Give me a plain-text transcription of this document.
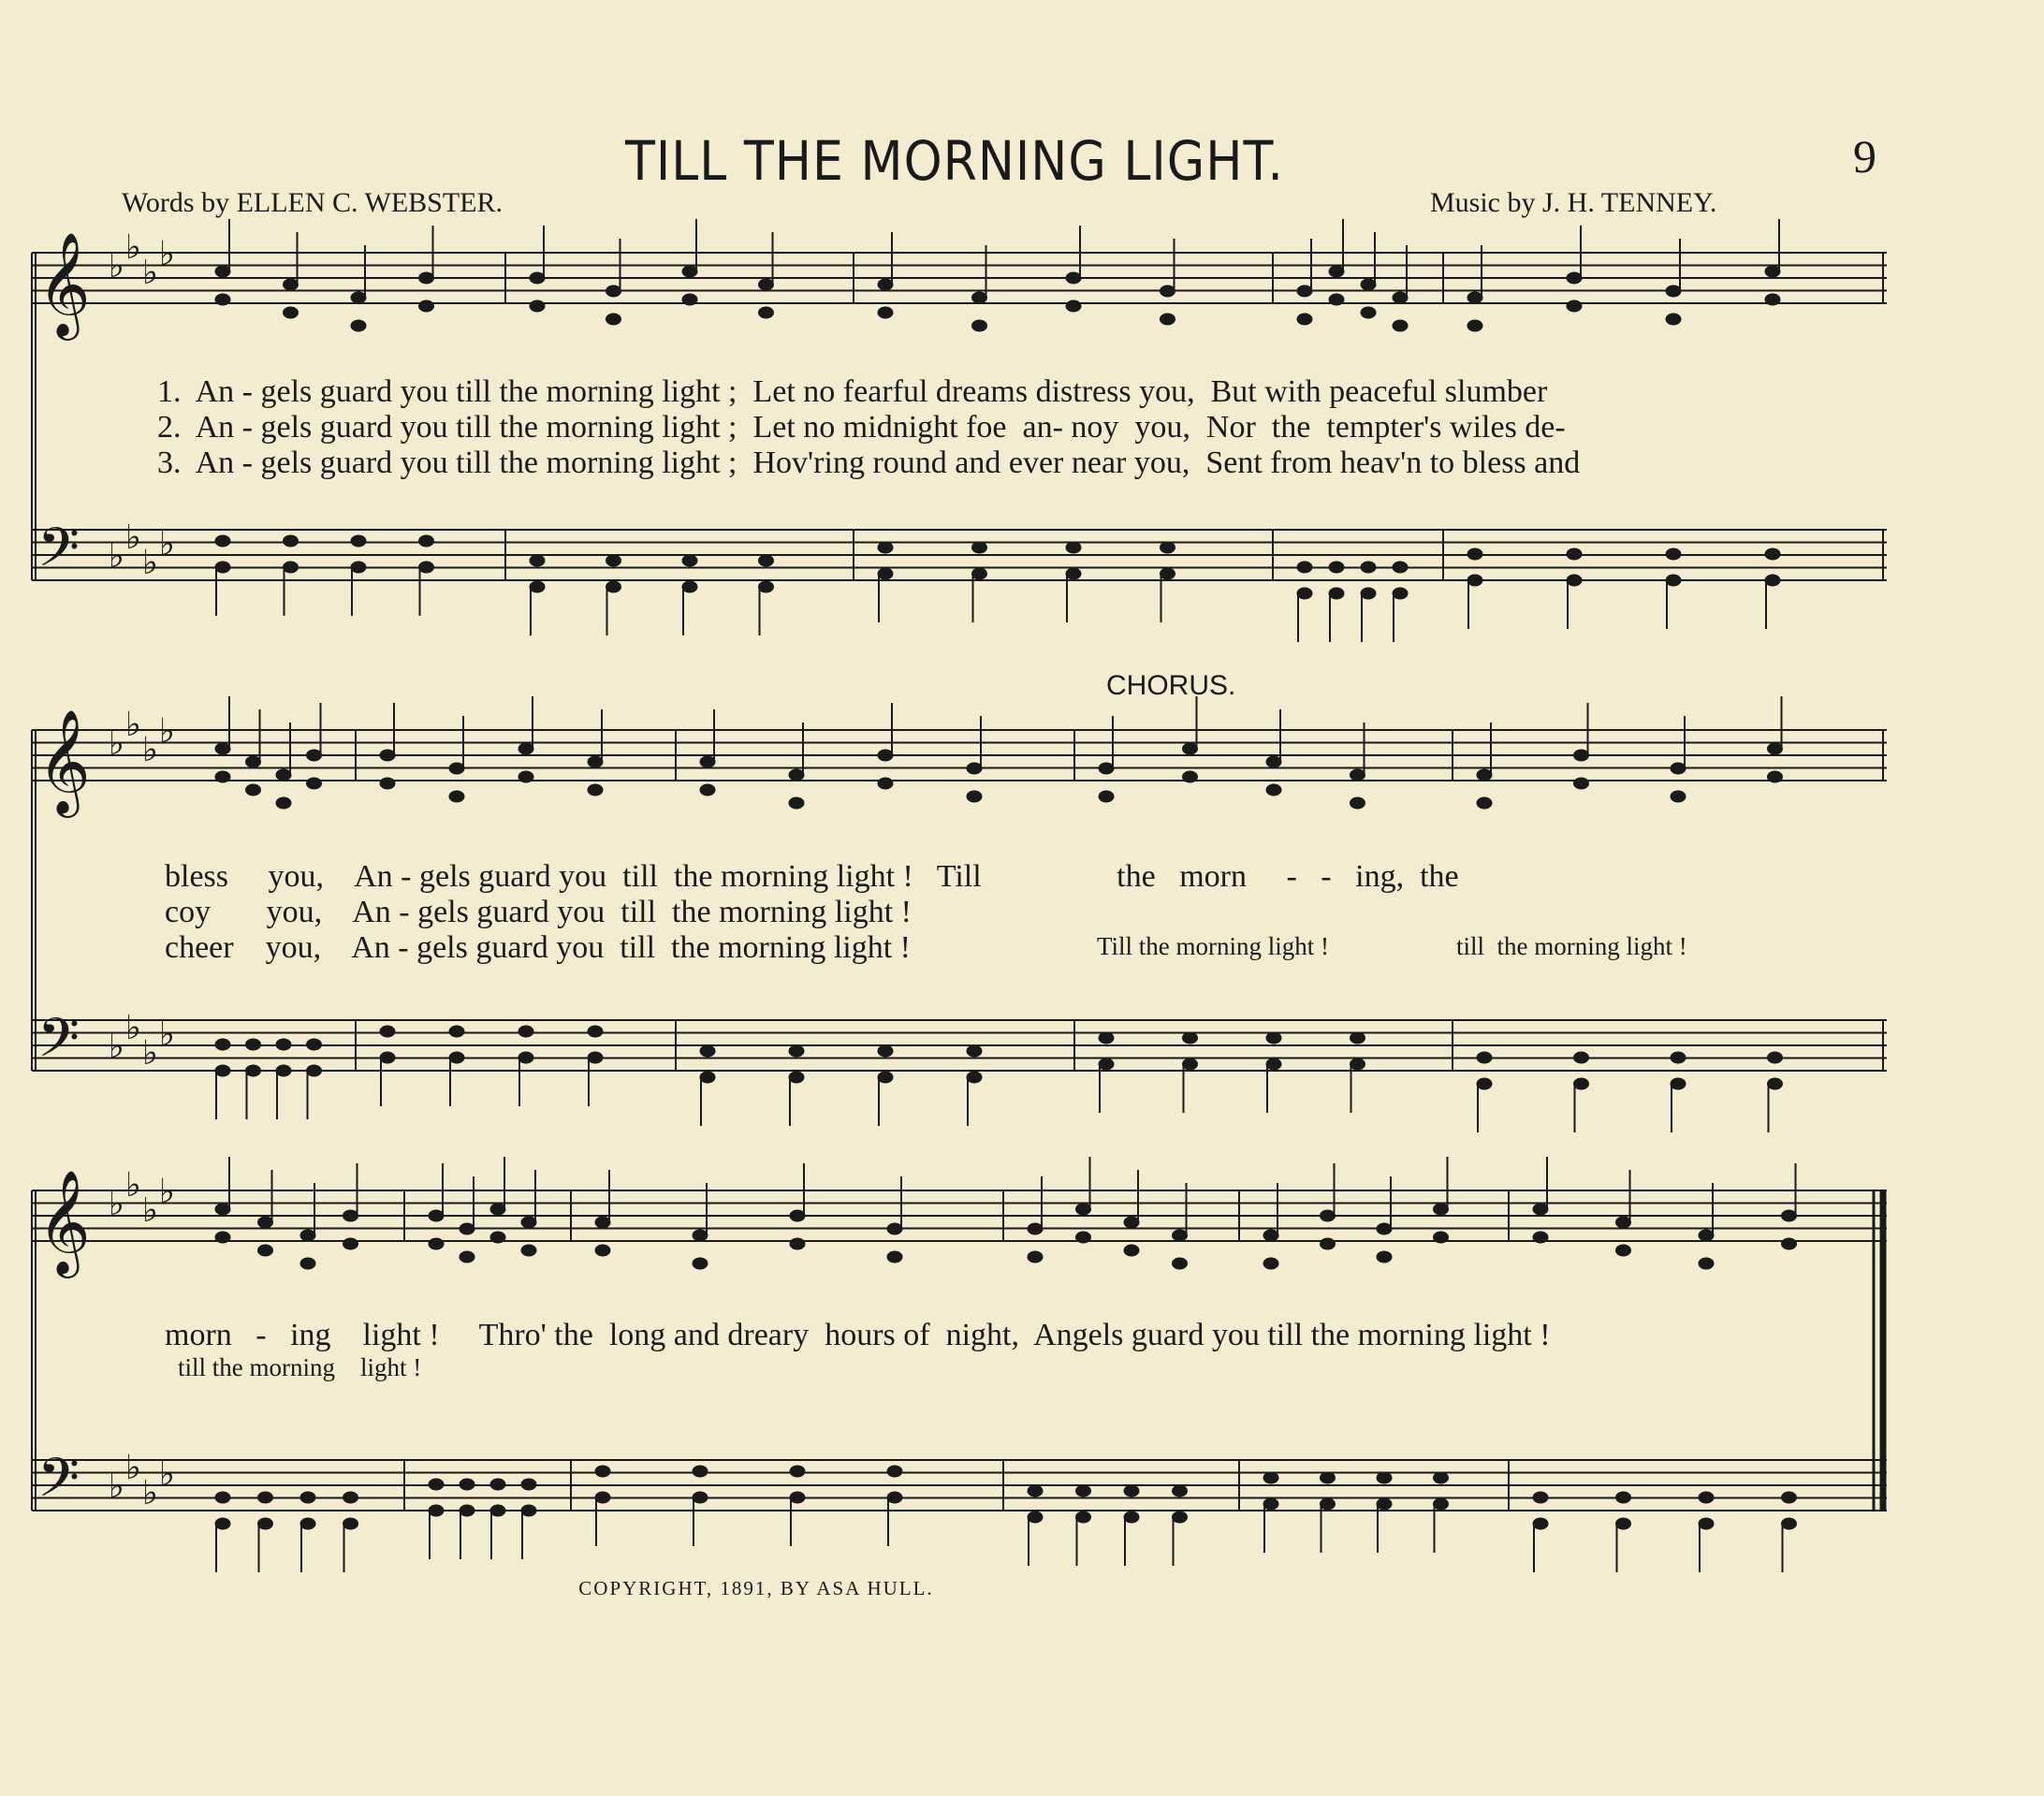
TILL THE MORNING LIGHT.	9
Words by ELLEN C. WEBSTER.	Music by J. H. TENNEY.
𝄞 ♭ ♭
♭ ♭
𝄢 ♭ ♭
♭ ♭
𝄞 ♭ ♭
♭ ♭
𝄢 ♭ ♭
♭ ♭
𝄞 ♭ ♭
♭ ♭
𝄢 ♭ ♭
♭ ♭
1.  An - gels guard you till the morning light ;  Let no fearful dreams distress you,  But with peaceful slumber
2.  An - gels guard you till the morning light ;  Let no midnight foe  an- noy  you,  Nor  the  tempter's wiles de-
3.  An - gels guard you till the morning light ;  Hov'ring round and ever near you,  Sent from heav'n to bless and
CHORUS.
bless     you,    An - gels guard you  till  the morning light !   Till                 the   morn     -   -   ing,  the
coy       you,    An - gels guard you  till  the morning light !
cheer    you,    An - gels guard you  till  the morning light !	Till the morning light !	till  the morning light !
morn   -   ing    light !     Thro' the  long and dreary  hours of  night,  Angels guard you till the morning light !
till the morning    light !
COPYRIGHT, 1891, BY ASA HULL.
